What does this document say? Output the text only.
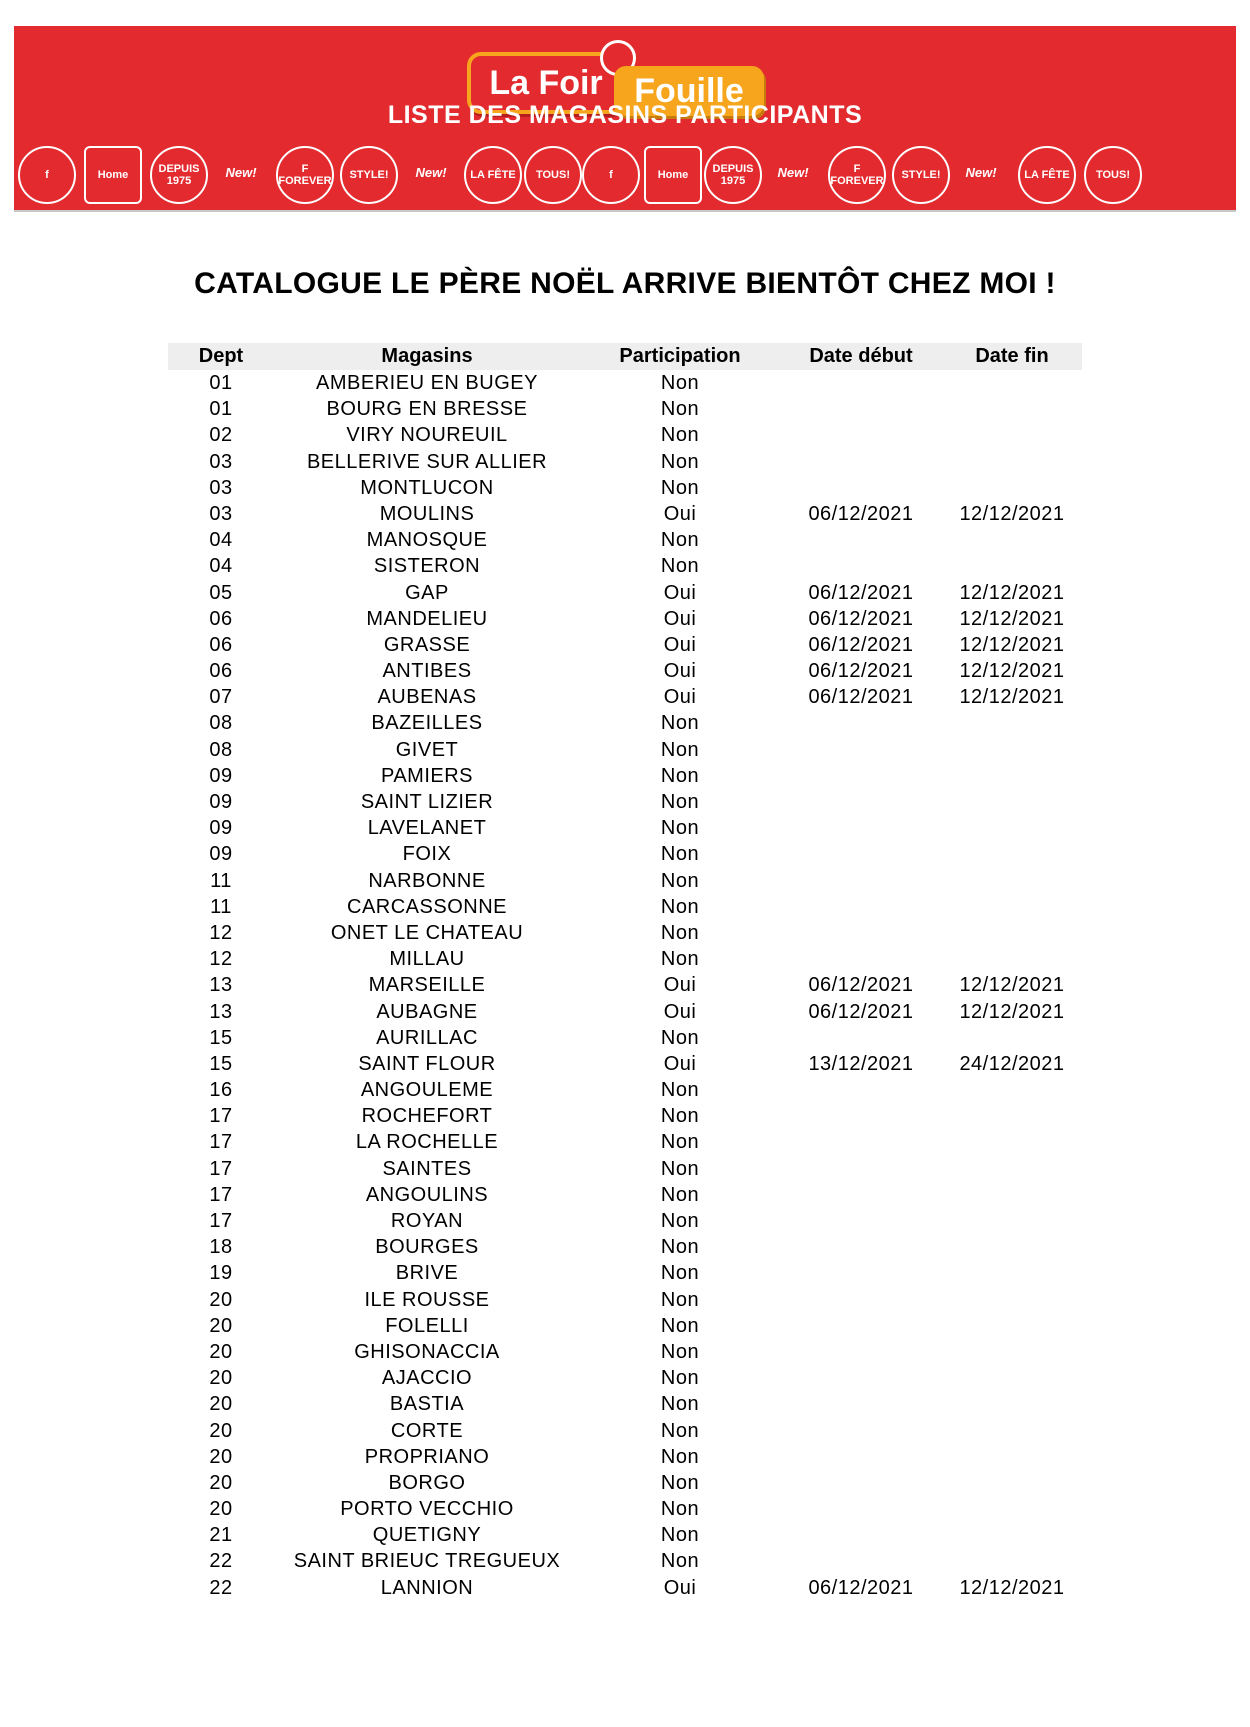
La Foir Fouille
LISTE DES MAGASINS PARTICIPANTS
f	Home	DEPUIS 1975
New!	F FOREVER	STYLE!	New!	LA FÊTE	TOUS!	f	Home	DEPUIS 1975
New!	F FOREVER	STYLE!	New!	LA FÊTE	TOUS!
CATALOGUE LE PÈRE NOËL ARRIVE BIENTÔT CHEZ MOI !
Dept	Magasins	Participation	Date début	Date fin
01	AMBERIEU EN BUGEY	Non
01	BOURG EN BRESSE	Non
02	VIRY NOUREUIL	Non
03	BELLERIVE SUR ALLIER	Non
03	MONTLUCON	Non
03	MOULINS	Oui	06/12/2021	12/12/2021
04	MANOSQUE	Non
04	SISTERON	Non
05	GAP	Oui	06/12/2021	12/12/2021
06	MANDELIEU	Oui	06/12/2021	12/12/2021
06	GRASSE	Oui	06/12/2021	12/12/2021
06	ANTIBES	Oui	06/12/2021	12/12/2021
07	AUBENAS	Oui	06/12/2021	12/12/2021
08	BAZEILLES	Non
08	GIVET	Non
09	PAMIERS	Non
09	SAINT LIZIER	Non
09	LAVELANET	Non
09	FOIX	Non
11	NARBONNE	Non
11	CARCASSONNE	Non
12	ONET LE CHATEAU	Non
12	MILLAU	Non
13	MARSEILLE	Oui	06/12/2021	12/12/2021
13	AUBAGNE	Oui	06/12/2021	12/12/2021
15	AURILLAC	Non
15	SAINT FLOUR	Oui	13/12/2021	24/12/2021
16	ANGOULEME	Non
17	ROCHEFORT	Non
17	LA ROCHELLE	Non
17	SAINTES	Non
17	ANGOULINS	Non
17	ROYAN	Non
18	BOURGES	Non
19	BRIVE	Non
20	ILE ROUSSE	Non
20	FOLELLI	Non
20	GHISONACCIA	Non
20	AJACCIO	Non
20	BASTIA	Non
20	CORTE	Non
20	PROPRIANO	Non
20	BORGO	Non
20	PORTO VECCHIO	Non
21	QUETIGNY	Non
22	SAINT BRIEUC TREGUEUX	Non
22	LANNION	Oui	06/12/2021	12/12/2021
